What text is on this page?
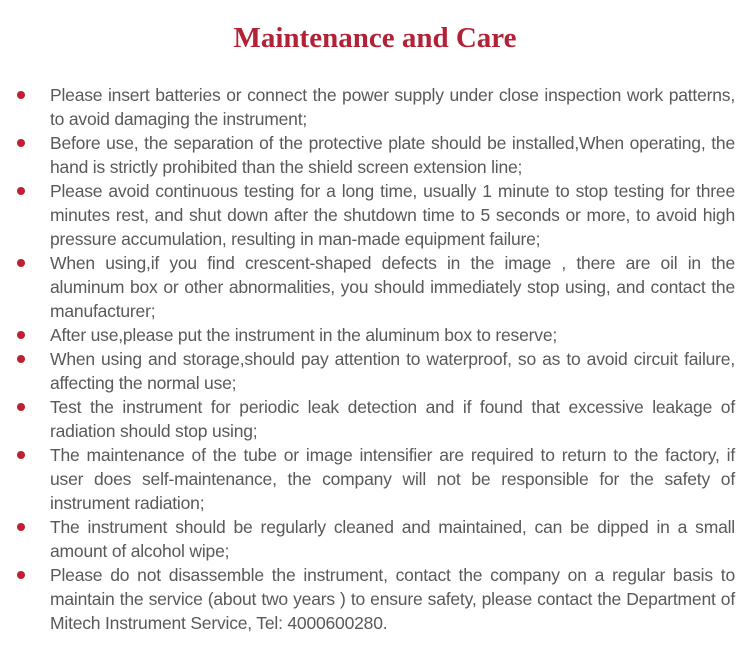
Maintenance and Care
Please insert batteries or connect the power supply under close inspection work patterns, to avoid damaging the instrument;
Before use, the separation of the protective plate should be installed,When operating, the hand is strictly prohibited than the shield screen extension line;
Please avoid continuous testing for a long time, usually 1 minute to stop testing for three minutes rest, and shut down after the shutdown time to 5 seconds or more, to avoid high pressure accumulation, resulting in man-made equipment failure;
When using,if you find crescent-shaped defects in the image , there are oil in the aluminum box or other abnormalities, you should immediately stop using, and contact the manufacturer;
After use,please put the instrument in the aluminum box to reserve;
When using and storage,should pay attention to waterproof, so as to avoid circuit failure, affecting the normal use;
Test the instrument for periodic leak detection and if found that excessive leakage of radiation should stop using;
The maintenance of the tube or image intensifier are required to return to the factory, if user does self-maintenance, the company will not be responsible for the safety of instrument radiation;
The instrument should be regularly cleaned and maintained, can be dipped in a small amount of alcohol wipe;
Please do not disassemble the instrument, contact the company on a regular basis to maintain the service (about two years ) to ensure safety, please contact the Department of Mitech Instrument Service, Tel: 4000600280.
